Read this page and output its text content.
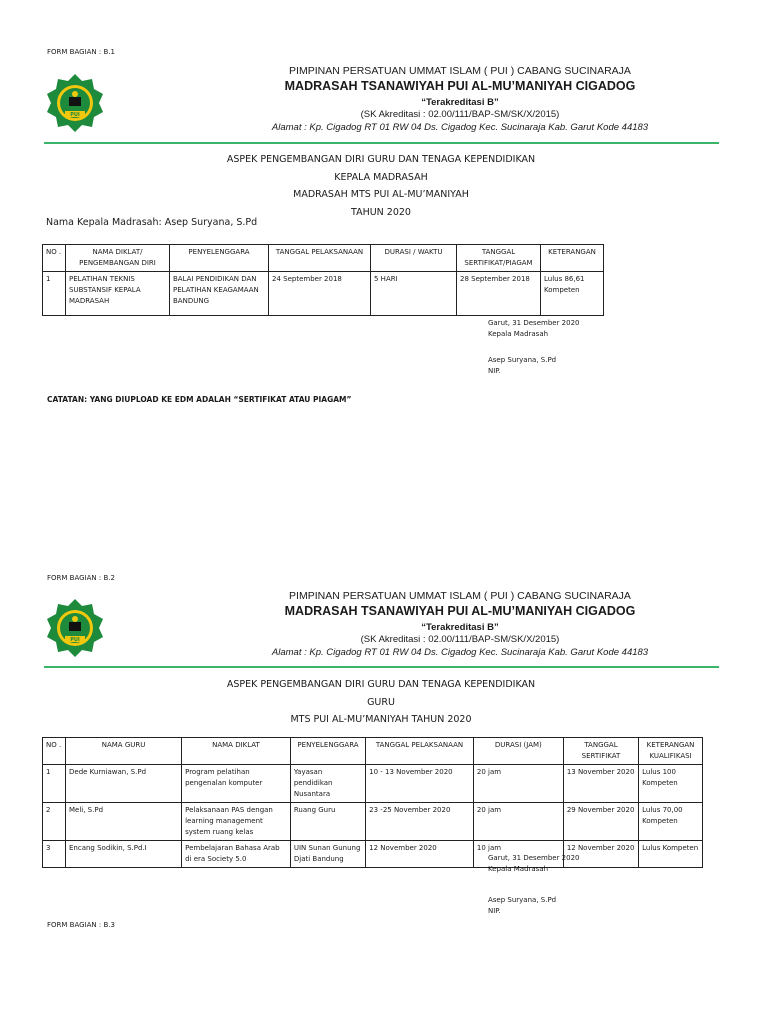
FORM BAGIAN : B.1
PUI
PIMPINAN PERSATUAN UMMAT ISLAM ( PUI ) CABANG SUCINARAJA
MADRASAH TSANAWIYAH PUI AL-MU’MANIYAH CIGADOG
“Terakreditasi B”
(SK Akreditasi : 02.00/111/BAP-SM/SK/X/2015)
Alamat : Kp. Cigadog RT 01 RW 04 Ds. Cigadog Kec. Sucinaraja Kab. Garut Kode 44183
ASPEK PENGEMBANGAN DIRI GURU DAN TENAGA KEPENDIDIKAN
KEPALA MADRASAH
MADRASAH MTS PUI AL-MU’MANIYAH
TAHUN 2020
Nama Kepala Madrasah: Asep Suryana, S.Pd
NO .	NAMA DIKLAT/ PENGEMBANGAN DIRI	PENYELENGGARA	TANGGAL PELAKSANAAN	DURASI / WAKTU	TANGGAL SERTIFIKAT/PIAGAM	KETERANGAN
1	PELATIHAN TEKNIS SUBSTANSIF KEPALA MADRASAH	BALAI PENDIDIKAN DAN PELATIHAN KEAGAMAAN BANDUNG	24 September 2018	5 HARI	28 September 2018	Lulus 86,61 Kompeten
Garut, 31 Desember 2020
Kepala Madrasah
Asep Suryana, S.Pd
NIP.
CATATAN: YANG DIUPLOAD KE EDM ADALAH “SERTIFIKAT ATAU PIAGAM”
FORM BAGIAN : B.2
PUI
PIMPINAN PERSATUAN UMMAT ISLAM ( PUI ) CABANG SUCINARAJA
MADRASAH TSANAWIYAH PUI AL-MU’MANIYAH CIGADOG
“Terakreditasi B”
(SK Akreditasi : 02.00/111/BAP-SM/SK/X/2015)
Alamat : Kp. Cigadog RT 01 RW 04 Ds. Cigadog Kec. Sucinaraja Kab. Garut Kode 44183
ASPEK PENGEMBANGAN DIRI GURU DAN TENAGA KEPENDIDIKAN
GURU
MTS PUI AL-MU’MANIYAH TAHUN 2020
NO .	NAMA GURU	NAMA DIKLAT	PENYELENGGARA	TANGGAL PELAKSANAAN	DURASI (JAM)	TANGGAL SERTIFIKAT	KETERANGAN KUALIFIKASI
1	Dede Kurniawan, S.Pd	Program pelatihan pengenalan komputer	Yayasan pendidikan Nusantara	10 - 13 November 2020	20 jam	13 November 2020	Lulus 100 Kompeten
2	Meli, S.Pd	Pelaksanaan PAS dengan learning management system ruang kelas	Ruang Guru	23 -25 November 2020	20 jam	29 November 2020	Lulus 70,00 Kompeten
3	Encang Sodikin, S.Pd.I	Pembelajaran Bahasa Arab di era Society 5.0	UIN Sunan Gunung Djati Bandung	12 November 2020	10 jam	12 November 2020	Lulus Kompeten
Garut, 31 Desember 2020
Kepala Madrasah
Asep Suryana, S.Pd
NIP.
FORM BAGIAN : B.3
